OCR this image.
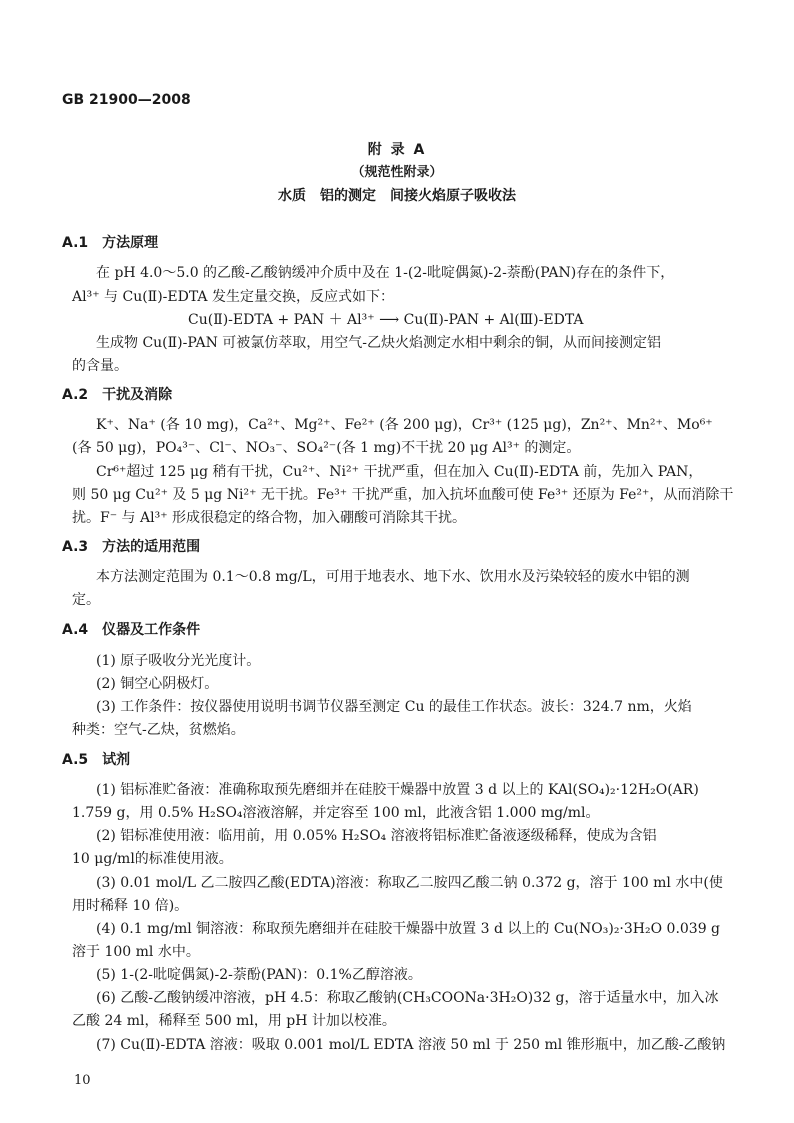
GB 21900—2008
附 录 A
（规范性附录）
水质　铝的测定　间接火焰原子吸收法
A.1　方法原理
在 pH 4.0～5.0 的乙酸-乙酸钠缓冲介质中及在 1-(2-吡啶偶氮)-2-萘酚(PAN)存在的条件下，
Al³⁺ 与 Cu(Ⅱ)-EDTA 发生定量交换，反应式如下：
Cu(Ⅱ)-EDTA + PAN ＋ Al³⁺ ⟶ Cu(Ⅱ)-PAN + Al(Ⅲ)-EDTA
生成物 Cu(Ⅱ)-PAN 可被氯仿萃取，用空气-乙炔火焰测定水相中剩余的铜，从而间接测定铝
的含量。
A.2　干扰及消除
K⁺、Na⁺ (各 10 mg)，Ca²⁺、Mg²⁺、Fe²⁺ (各 200 μg)，Cr³⁺ (125 μg)，Zn²⁺、Mn²⁺、Mo⁶⁺
(各 50 μg)，PO₄³⁻、Cl⁻、NO₃⁻、SO₄²⁻(各 1 mg)不干扰 20 μg Al³⁺ 的测定。
Cr⁶⁺超过 125 μg 稍有干扰，Cu²⁺、Ni²⁺ 干扰严重，但在加入 Cu(Ⅱ)-EDTA 前，先加入 PAN，
则 50 μg Cu²⁺ 及 5 μg Ni²⁺ 无干扰。Fe³⁺ 干扰严重，加入抗坏血酸可使 Fe³⁺ 还原为 Fe²⁺，从而消除干
扰。F⁻ 与 Al³⁺ 形成很稳定的络合物，加入硼酸可消除其干扰。
A.3　方法的适用范围
本方法测定范围为 0.1～0.8 mg/L，可用于地表水、地下水、饮用水及污染较轻的废水中铝的测
定。
A.4　仪器及工作条件
(1) 原子吸收分光光度计。
(2) 铜空心阴极灯。
(3) 工作条件：按仪器使用说明书调节仪器至测定 Cu 的最佳工作状态。波长：324.7 nm，火焰
种类：空气-乙炔，贫燃焰。
A.5　试剂
(1) 铝标准贮备液：准确称取预先磨细并在硅胶干燥器中放置 3 d 以上的 KAl(SO₄)₂·12H₂O(AR)
1.759 g，用 0.5% H₂SO₄溶液溶解，并定容至 100 ml，此液含铝 1.000 mg/ml。
(2) 铝标准使用液：临用前，用 0.05% H₂SO₄ 溶液将铝标准贮备液逐级稀释，使成为含铝
10 μg/ml的标准使用液。
(3) 0.01 mol/L 乙二胺四乙酸(EDTA)溶液：称取乙二胺四乙酸二钠 0.372 g，溶于 100 ml 水中(使
用时稀释 10 倍)。
(4) 0.1 mg/ml 铜溶液：称取预先磨细并在硅胶干燥器中放置 3 d 以上的 Cu(NO₃)₂·3H₂O 0.039 g
溶于 100 ml 水中。
(5) 1-(2-吡啶偶氮)-2-萘酚(PAN)：0.1%乙醇溶液。
(6) 乙酸-乙酸钠缓冲溶液，pH 4.5：称取乙酸钠(CH₃COONa·3H₂O)32 g，溶于适量水中，加入冰
乙酸 24 ml，稀释至 500 ml，用 pH 计加以校准。
(7) Cu(Ⅱ)-EDTA 溶液：吸取 0.001 mol/L EDTA 溶液 50 ml 于 250 ml 锥形瓶中，加乙酸-乙酸钠
10
